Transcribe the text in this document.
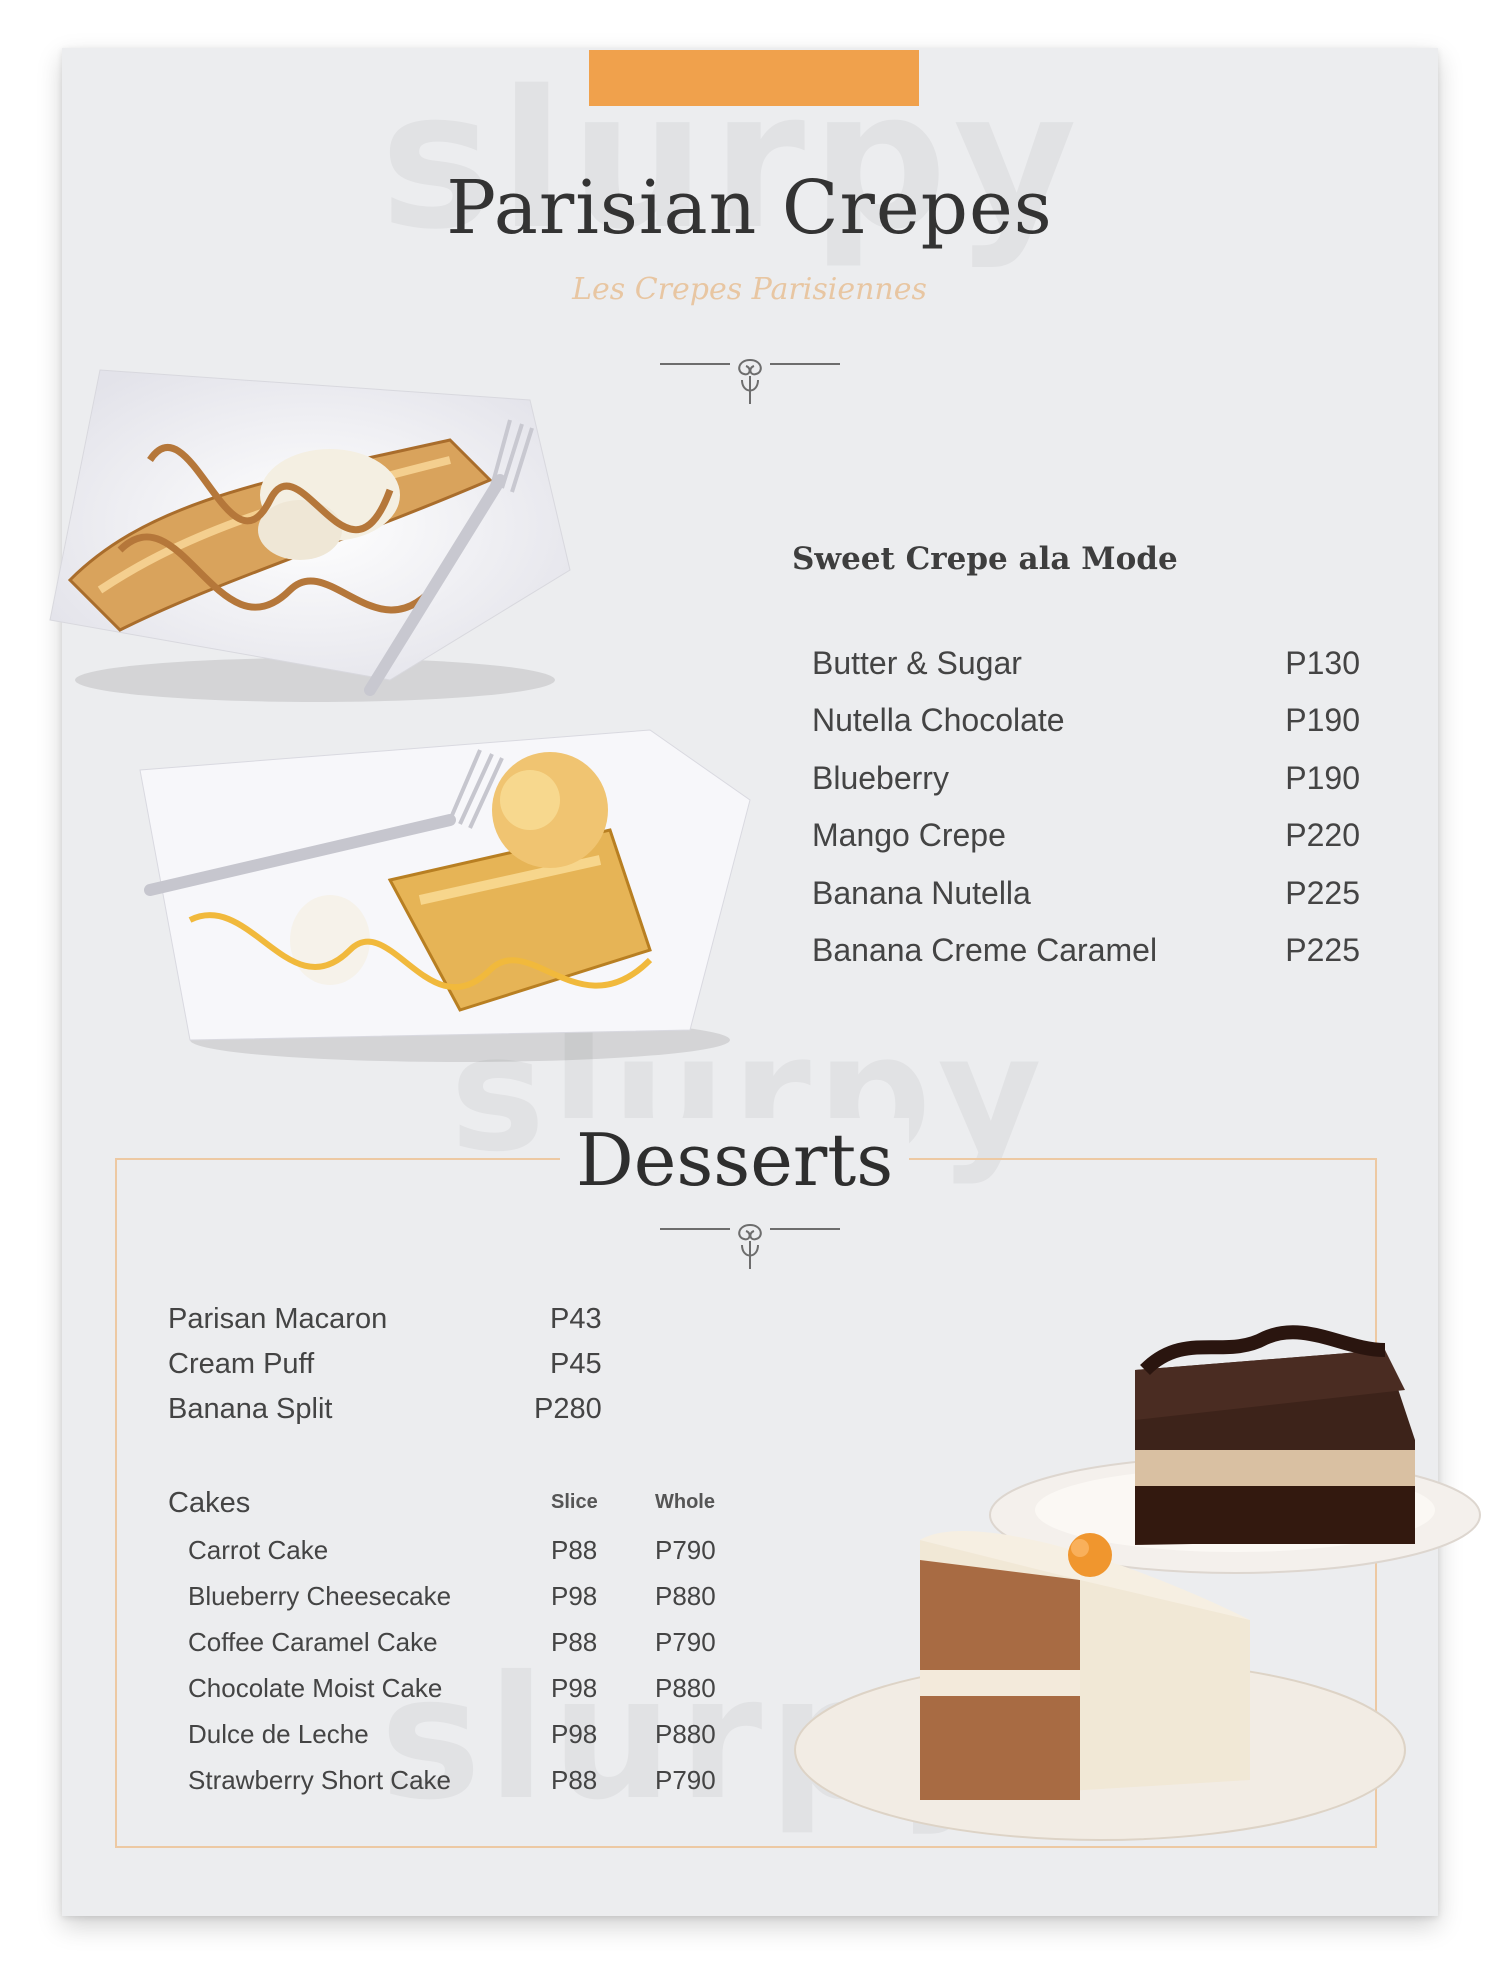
Parisian Crepes
Les Crepes Parisiennes
Sweet Crepe ala Mode
Butter & Sugar	P130
Nutella Chocolate	P190
Blueberry	P190
Mango Crepe	P220
Banana Nutella	P225
Banana Creme Caramel	P225
Desserts
Parisan Macaron	P43
Cream Puff	P45
Banana Split	P280
Cakes	Slice	Whole
Carrot Cake	P88 P790
Blueberry Cheesecake	P98 P880
Coffee Caramel Cake	P88 P790
Chocolate Moist Cake	P98 P880
Dulce de Leche	P98 P880
Strawberry Short Cake	P88 P790
